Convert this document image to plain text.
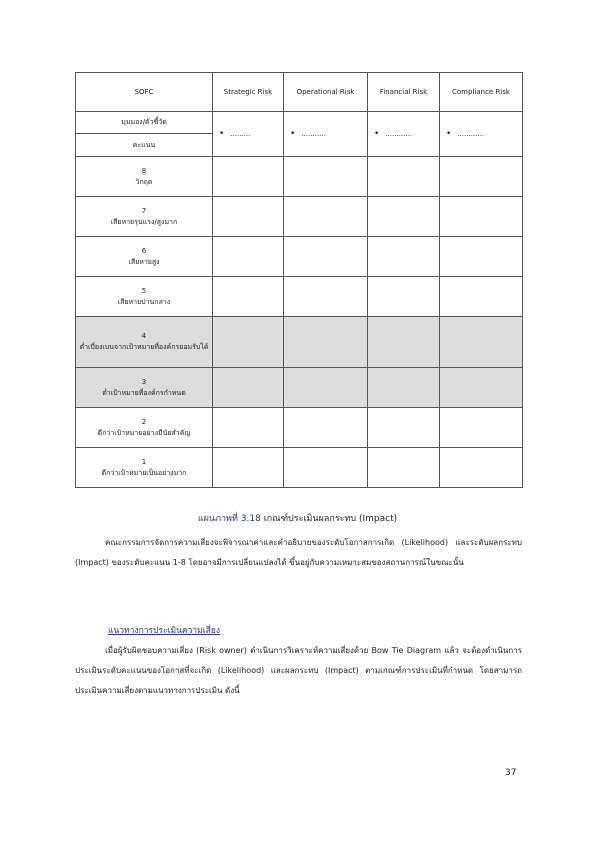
SOFC	Strategic Risk	Operational Risk	Financial Risk	Compliance Risk
มุมมอง/ตัวชี้วัด	• .........	• ...........	• ............	• ............
คะแนน				

8
วิกฤต				

7
เสียหายรุนแรง/สูงมาก				

6
เสียหายสูง				

5
เสียหายปานกลาง				

4
ต่ำเบี่ยงเบนจากเป้าหมายที่องค์กรยอมรับได้				

3
ต่ำเป้าหมายที่องค์กรกำหนด				

2
ดีกว่าเป้าหมายอย่างมีนัยสำคัญ				

1
ดีกว่าเป้าหมายเป็นอย่างมาก				

แผนภาพที่ 3.18 เกณฑ์ประเมินผลกระทบ (Impact)

คณะกรรมการจัดการความเสี่ยงจะพิจารณาค่าและคำอธิบายของระดับโอกาสการเกิด (Likelihood) และระดับผลกระทบ (Impact) ของระดับคะแนน 1-8 โดยอาจมีการเปลี่ยนแปลงได้ ขึ้นอยู่กับความเหมาะสมของสถานการณ์ในขณะนั้น

แนวทางการประเมินความเสี่ยง

เมื่อผู้รับผิดชอบความเสี่ยง (Risk owner) ดำเนินการวิเคราะห์ความเสี่ยงด้วย Bow Tie Diagram แล้ว จะต้องดำเนินการประเมินระดับคะแนนของโอกาสที่จะเกิด (Likelihood) และผลกระทบ (Impact) ตามเกณฑ์การประเมินที่กำหนด โดยสามารถประเมินความเสี่ยงตามแนวทางการประเมิน ดังนี้

37
